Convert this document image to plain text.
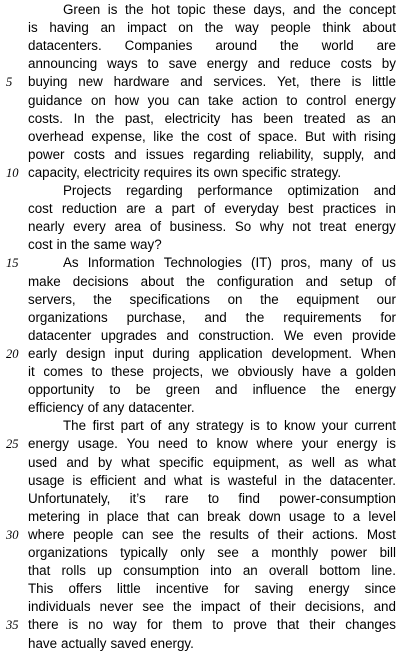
Green is the hot topic these days, and the concept
is having an impact on the way people think about
datacenters. Companies around the world are
announcing ways to save energy and reduce costs by
5	buying new hardware and services. Yet, there is little
guidance on how you can take action to control energy
costs. In the past, electricity has been treated as an
overhead expense, like the cost of space. But with rising
power costs and issues regarding reliability, supply, and
10 capacity, electricity requires its own specific strategy.
Projects regarding performance optimization and
cost reduction are a part of everyday best practices in
nearly every area of business. So why not treat energy
cost in the same way?
15	As Information Technologies (IT) pros, many of us
make decisions about the configuration and setup of
servers, the specifications on the equipment our
organizations purchase, and the requirements for
datacenter upgrades and construction. We even provide
20 early design input during application development. When
it comes to these projects, we obviously have a golden
opportunity to be green and influence the energy
efficiency of any datacenter.
The first part of any strategy is to know your current
25 energy usage. You need to know where your energy is
used and by what specific equipment, as well as what
usage is efficient and what is wasteful in the datacenter.
Unfortunately, it’s rare to find power-consumption
metering in place that can break down usage to a level
30 where people can see the results of their actions. Most
organizations typically only see a monthly power bill
that rolls up consumption into an overall bottom line.
This offers little incentive for saving energy since
individuals never see the impact of their decisions, and
35 there is no way for them to prove that their changes
have actually saved energy.
